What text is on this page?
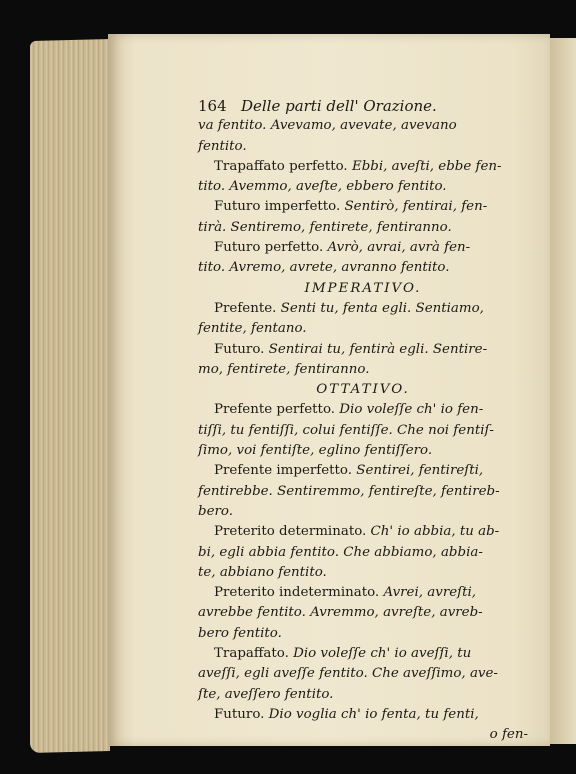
164 Delle parti dell' Orazione.
va fentito. Avevamo, avevate, avevano
fentito.
Trapaffato perfetto. Ebbi, aveſti, ebbe fen-
tito. Avemmo, aveſte, ebbero fentito.
Futuro imperfetto. Sentirò, fentirai, fen-
tirà. Sentiremo, fentirete, fentiranno.
Futuro perfetto. Avrò, avrai, avrà fen-
tito. Avremo, avrete, avranno fentito.
IMPERATIVO.
Prefente. Senti tu, fenta egli. Sentiamo,
fentite, fentano.
Futuro. Sentirai tu, fentirà egli. Sentire-
mo, fentirete, fentiranno.
OTTATIVO.
Prefente perfetto. Dio voleſſe ch' io fen-
tiſſi, tu fentiſſi, colui fentiſſe. Che noi fentiſ-
ſimo, voi fentiſte, eglino fentiſſero.
Prefente imperfetto. Sentirei, fentireſti,
fentirebbe. Sentiremmo, fentireſte, fentireb-
bero.
Preterito determinato. Ch' io abbia, tu ab-
bi, egli abbia fentito. Che abbiamo, abbia-
te, abbiano fentito.
Preterito indeterminato. Avrei, avreſti,
avrebbe fentito. Avremmo, avreſte, avreb-
bero fentito.
Trapaffato. Dio voleſſe ch' io aveſſi, tu
aveſſi, egli aveſſe fentito. Che aveſſimo, ave-
ſte, aveſſero fentito.
Futuro. Dio voglia ch' io fenta, tu fenti,
o fen-
